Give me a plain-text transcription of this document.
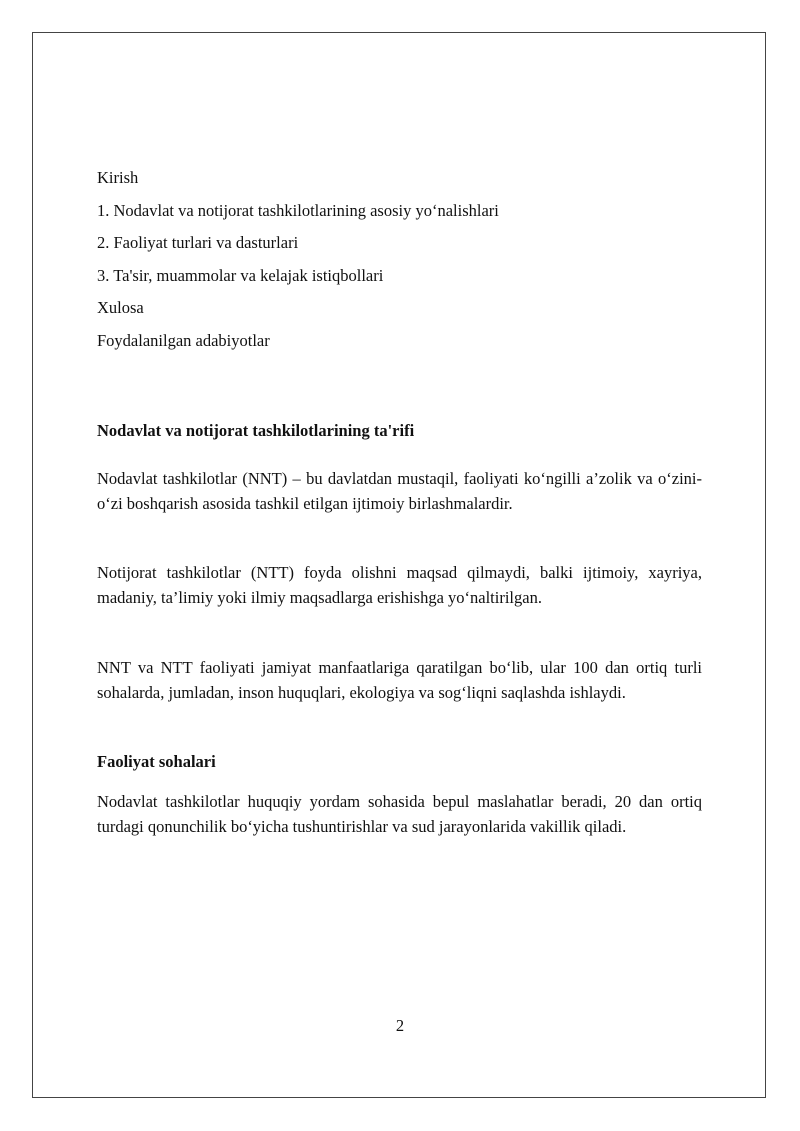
Kirish
1. Nodavlat va notijorat tashkilotlarining asosiy yo‘nalishlari
2. Faoliyat turlari va dasturlari
3. Ta'sir, muammolar va kelajak istiqbollari
Xulosa
Foydalanilgan adabiyotlar
Nodavlat va notijorat tashkilotlarining ta'rifi
Nodavlat tashkilotlar (NNT) – bu davlatdan mustaqil, faoliyati ko‘ngilli a’zolik va o‘zini-o‘zi boshqarish asosida tashkil etilgan ijtimoiy birlashmalardir.
Notijorat tashkilotlar (NTT) foyda olishni maqsad qilmaydi, balki ijtimoiy, xayriya, madaniy, ta’limiy yoki ilmiy maqsadlarga erishishga yo‘naltirilgan.
NNT va NTT faoliyati jamiyat manfaatlariga qaratilgan bo‘lib, ular 100 dan ortiq turli sohalarda, jumladan, inson huquqlari, ekologiya va sog‘liqni saqlashda ishlaydi.
Faoliyat sohalari
Nodavlat tashkilotlar huquqiy yordam sohasida bepul maslahatlar beradi, 20 dan ortiq turdagi qonunchilik bo‘yicha tushuntirishlar va sud jarayonlarida vakillik qiladi.
2
